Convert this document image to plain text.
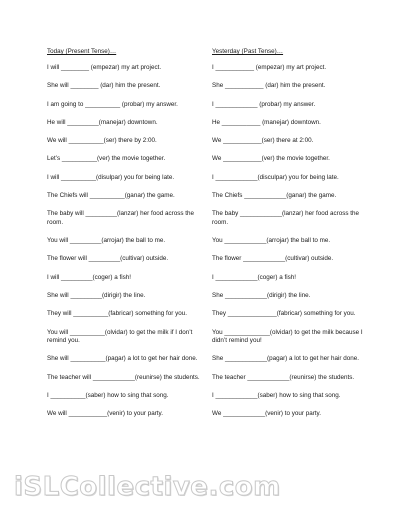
Today (Present Tense)…
I will ________ (empezar) my art project.
She will ________ (dar) him the present.
I am going to __________ (probar) my answer.
He will _________(manejar) downtown.
We will __________(ser) there by 2:00.
Let’s __________(ver) the movie together.
I will __________(disulpar) you for being late.
The Chiefs will __________(ganar) the game.
The baby will _________(lanzar) her food across the room.
You will _________(arrojar) the ball to me.
The flower will _________(cultivar) outside.
I will _________(coger) a fish!
She will _________(dirigir) the line.
They will __________(fabricar) something for you.
You will __________(olvidar) to get the milk if I don’t remind you.
She will __________(pagar) a lot to get her hair done.
The teacher will ____________(reunirse) the students.
I __________(saber) how to sing that song.
We will ___________(venir) to your party.
Yesterday (Past Tense)…
I ___________ (empezar) my art project.
She ___________ (dar) him the present.
I ____________ (probar) my answer.
He ___________ (manejar) downtown.
We ___________(ser) there at 2:00.
We ___________(ver) the movie together.
I ____________(disculpar) you for being late.
The Chiefs ____________(ganar) the game.
The baby ____________(lanzar) her food across the room.
You ____________(arrojar) the ball to me.
The flower ____________(cultivar) outside.
I ____________(coger) a fish!
She ____________(dirigir) the line.
They ______________(fabricar) something for you.
You _____________(olvidar) to get the milk because I didn’t remind you!
She ____________(pagar) a lot to get her hair done.
The teacher ____________(reunirse) the students.
I ____________(saber) how to sing that song.
We ____________(venir) to your party.
iSLCollective.com
